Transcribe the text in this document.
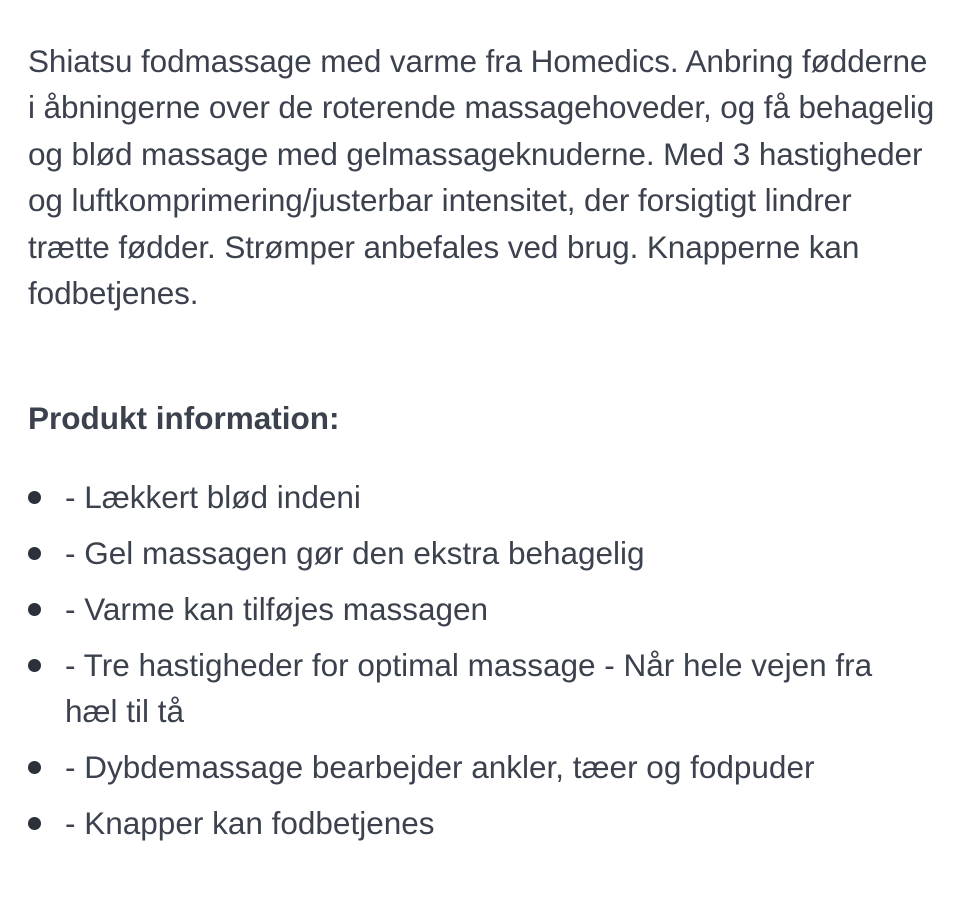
Shiatsu fodmassage med varme fra Homedics. Anbring fødderne i åbningerne over de roterende massagehoveder, og få behagelig og blød massage med gelmassageknuderne. Med 3 hastigheder og luftkomprimering/justerbar intensitet, der forsigtigt lindrer trætte fødder. Strømper anbefales ved brug. Knapperne kan fodbetjenes.

Produkt information:
- Lækkert blød indeni
- Gel massagen gør den ekstra behagelig
- Varme kan tilføjes massagen
- Tre hastigheder for optimal massage - Når hele vejen fra hæl til tå
- Dybdemassage bearbejder ankler, tæer og fodpuder
- Knapper kan fodbetjenes
